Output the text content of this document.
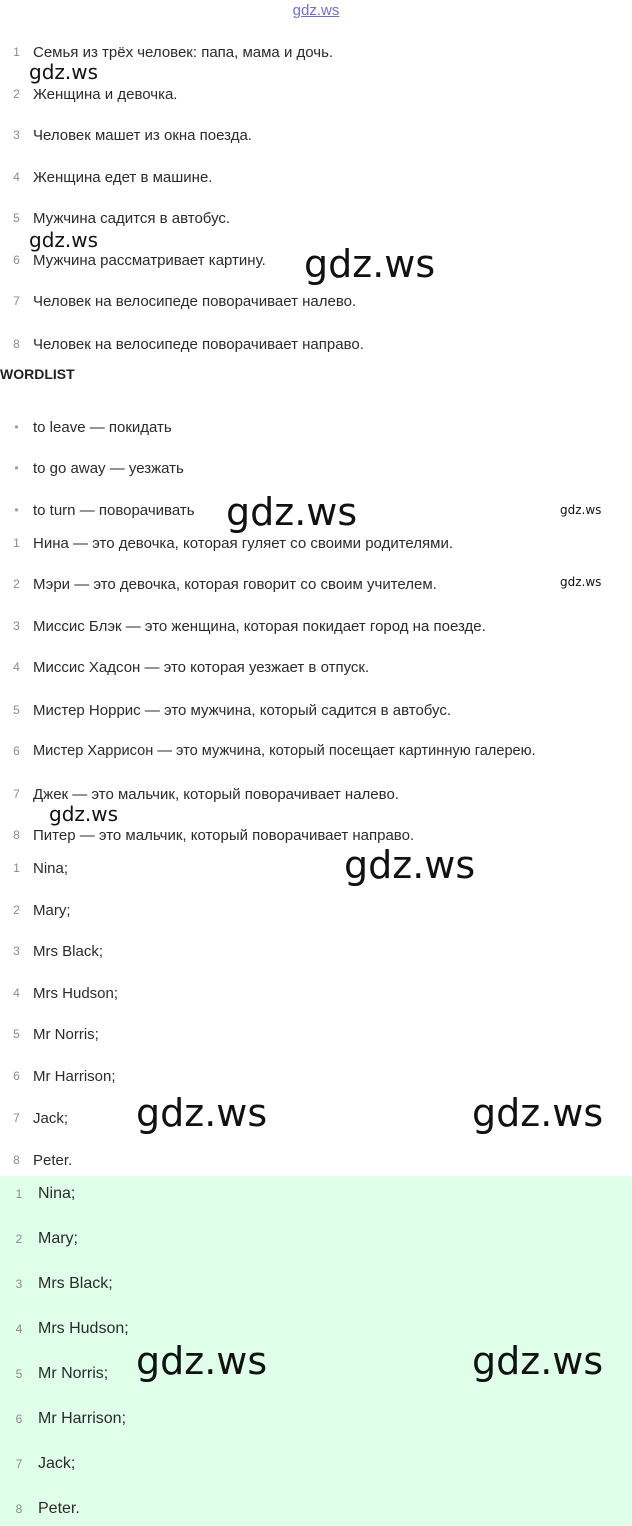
gdz.ws
1 Семья из трёх человек: папа, мама и дочь.
2 Женщина и девочка.
3 Человек машет из окна поезда.
4 Женщина едет в машине.
5 Мужчина садится в автобус.
6 Мужчина рассматривает картину.
7 Человек на велосипеде поворачивает налево.
8 Человек на велосипеде поворачивает направо.
WORDLIST
• to leave — покидать
• to go away — уезжать
• to turn — поворачивать
1 Нина — это девочка, которая гуляет со своими родителями.
2 Мэри — это девочка, которая говорит со своим учителем.
3 Миссис Блэк — это женщина, которая покидает город на поезде.
4 Миссис Хадсон — это которая уезжает в отпуск.
5 Мистер Норрис — это мужчина, который садится в автобус.
6 Мистер Харрисон — это мужчина, который посещает картинную галерею.
7 Джек — это мальчик, который поворачивает налево.
8 Питер — это мальчик, который поворачивает направо.
1 Nina;
2 Mary;
3 Mrs Black;
4 Mrs Hudson;
5 Mr Norris;
6 Mr Harrison;
7 Jack;
8 Peter.
1 Nina;
2 Mary;
3 Mrs Black;
4 Mrs Hudson;
5 Mr Norris;
6 Mr Harrison;
7 Jack;
8 Peter.
gdz.ws
gdz.ws
gdz.ws
gdz.ws	gdz.ws
gdz.ws
gdz.ws
gdz.ws
gdz.ws	gdz.ws
gdz.ws	gdz.ws
